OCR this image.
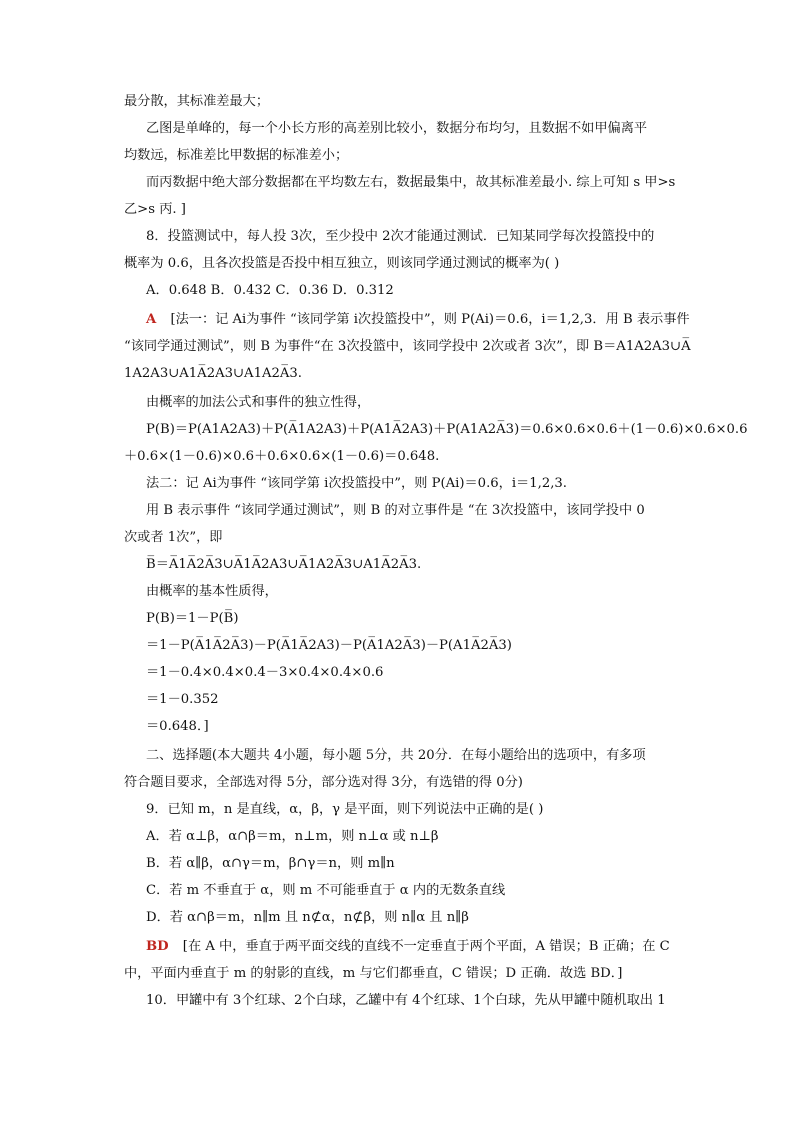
最分散，其标准差最大；
乙图是单峰的，每一个小长方形的高差别比较小，数据分布均匀，且数据不如甲偏离平
均数远，标准差比甲数据的标准差小；
而丙数据中绝大部分数据都在平均数左右，数据最集中，故其标准差最小. 综上可知 s 甲>s
乙>s 丙. ]
8．投篮测试中，每人投 3次，至少投中 2次才能通过测试．已知某同学每次投篮投中的
概率为 0.6，且各次投篮是否投中相互独立，则该同学通过测试的概率为( )
A．0.648 B．0.432 C．0.36 D．0.312
A [法一：记 Ai为事件 “该同学第 i次投篮投中”，则 P(Ai)＝0.6，i＝1,2,3．用 B 表示事件
“该同学通过测试”，则 B 为事件“在 3次投篮中，该同学投中 2次或者 3次”，即 B＝A1A2A3∪A̅
1A2A3∪A1A̅2A3∪A1A2A̅3.
由概率的加法公式和事件的独立性得，
P(B)＝P(A1A2A3)＋P(A̅1A2A3)＋P(A1A̅2A3)＋P(A1A2A̅3)＝0.6×0.6×0.6＋(1－0.6)×0.6×0.6
＋0.6×(1－0.6)×0.6＋0.6×0.6×(1－0.6)＝0.648.
法二：记 Ai为事件 “该同学第 i次投篮投中”，则 P(Ai)＝0.6，i＝1,2,3.
用 B 表示事件 “该同学通过测试”，则 B 的对立事件是 “在 3次投篮中，该同学投中 0
次或者 1次”，即
B̅＝A̅1A̅2A̅3∪A̅1A̅2A3∪A̅1A2A̅3∪A1A̅2A̅3.
由概率的基本性质得，
P(B)＝1－P(B̅)
＝1－P(A̅1A̅2A̅3)－P(A̅1A̅2A3)－P(A̅1A2A̅3)－P(A1A̅2A̅3)
＝1－0.4×0.4×0.4－3×0.4×0.4×0.6
＝1－0.352
＝0.648．]
二、选择题(本大题共 4小题，每小题 5分，共 20分．在每小题给出的选项中，有多项
符合题目要求，全部选对得 5分，部分选对得 3分，有选错的得 0分)
9．已知 m，n 是直线，α，β，γ 是平面，则下列说法中正确的是( )
A．若 α⊥β，α∩β＝m，n⊥m，则 n⊥α 或 n⊥β
B．若 α∥β，α∩γ＝m，β∩γ＝n，则 m∥n
C．若 m 不垂直于 α，则 m 不可能垂直于 α 内的无数条直线
D．若 α∩β＝m，n∥m 且 n⊄α，n⊄β，则 n∥α 且 n∥β
BD [在 A 中，垂直于两平面交线的直线不一定垂直于两个平面，A 错误；B 正确；在 C
中，平面内垂直于 m 的射影的直线，m 与它们都垂直，C 错误；D 正确．故选 BD．]
10．甲罐中有 3个红球、2个白球，乙罐中有 4个红球、1个白球，先从甲罐中随机取出 1
